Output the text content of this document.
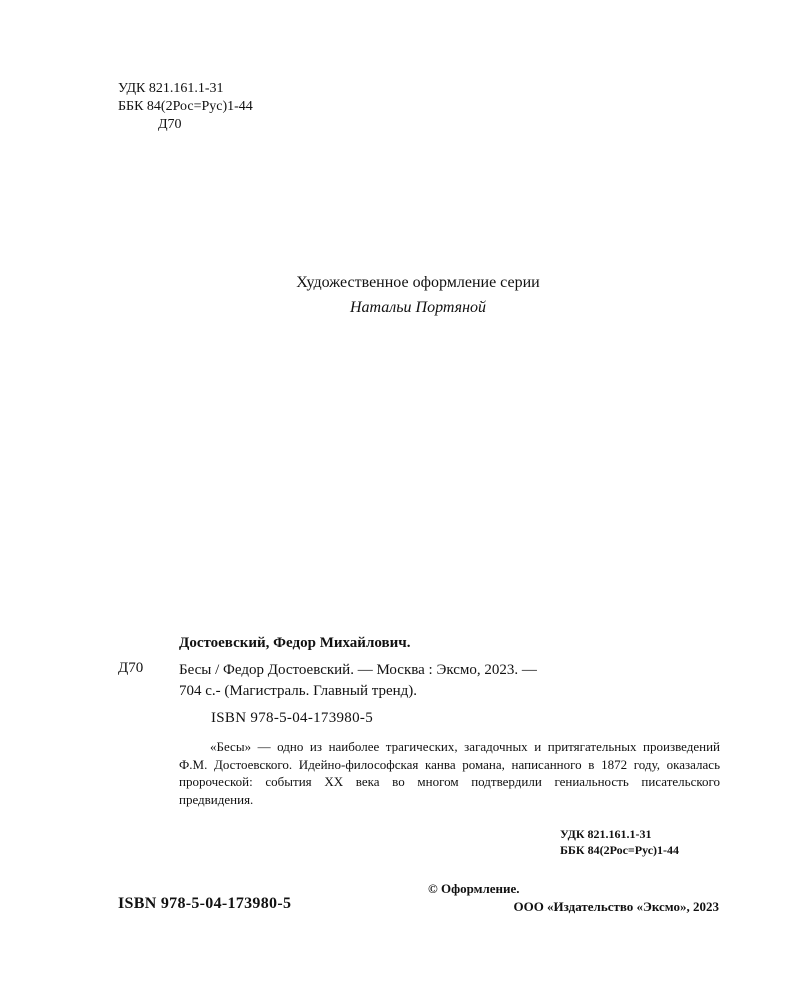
УДК 821.161.1-31
ББК 84(2Рос=Рус)1-44
Д70
Художественное оформление серии
Натальи Портяной
Достоевский, Федор Михайлович.
Д70 Бесы / Федор Достоевский. — Москва : Эксмо, 2023. —
704 с.- (Магистраль. Главный тренд).
ISBN 978-5-04-173980-5
«Бесы» — одно из наиболее трагических, загадочных и притягательных произведений Ф.М. Достоевского. Идейно-философская канва романа, написанного в 1872 году, оказалась пророческой: события XX века во многом подтвердили гениальность писательского предвидения.
УДК 821.161.1-31
ББК 84(2Рос=Рус)1-44
ISBN 978-5-04-173980-5
© Оформление.
ООО «Издательство «Эксмо», 2023
